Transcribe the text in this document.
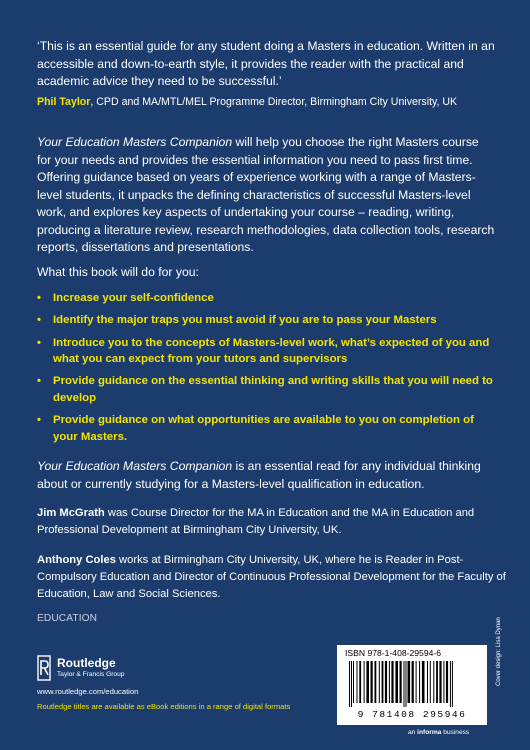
‘This is an essential guide for any student doing a Masters in education. Written in an accessible and down-to-earth style, it provides the reader with the practical and academic advice they need to be successful.’

Phil Taylor, CPD and MA/MTL/MEL Programme Director, Birmingham City University, UK

Your Education Masters Companion will help you choose the right Masters course for your needs and provides the essential information you need to pass first time. Offering guidance based on years of experience working with a range of Masters-level students, it unpacks the defining characteristics of successful Masters-level work, and explores key aspects of undertaking your course – reading, writing, producing a literature review, research methodologies, data collection tools, research reports, dissertations and presentations.

What this book will do for you:

• Increase your self-confidence
• Identify the major traps you must avoid if you are to pass your Masters
• Introduce you to the concepts of Masters-level work, what’s expected of you and what you can expect from your tutors and supervisors
• Provide guidance on the essential thinking and writing skills that you will need to develop
• Provide guidance on what opportunities are available to you on completion of your Masters.

Your Education Masters Companion is an essential read for any individual thinking about or currently studying for a Masters-level qualification in education.

Jim McGrath was Course Director for the MA in Education and the MA in Education and Professional Development at Birmingham City University, UK.

Anthony Coles works at Birmingham City University, UK, where he is Reader in Post-Compulsory Education and Director of Continuous Professional Development for the Faculty of Education, Law and Social Sciences.

EDUCATION

Routledge
Taylor & Francis Group

www.routledge.com/education

Routledge titles are available as eBook editions in a range of digital formats

ISBN 978-1-408-29594-6
9 781408 295946
an informa business
Cover design: Lisa Dynan
